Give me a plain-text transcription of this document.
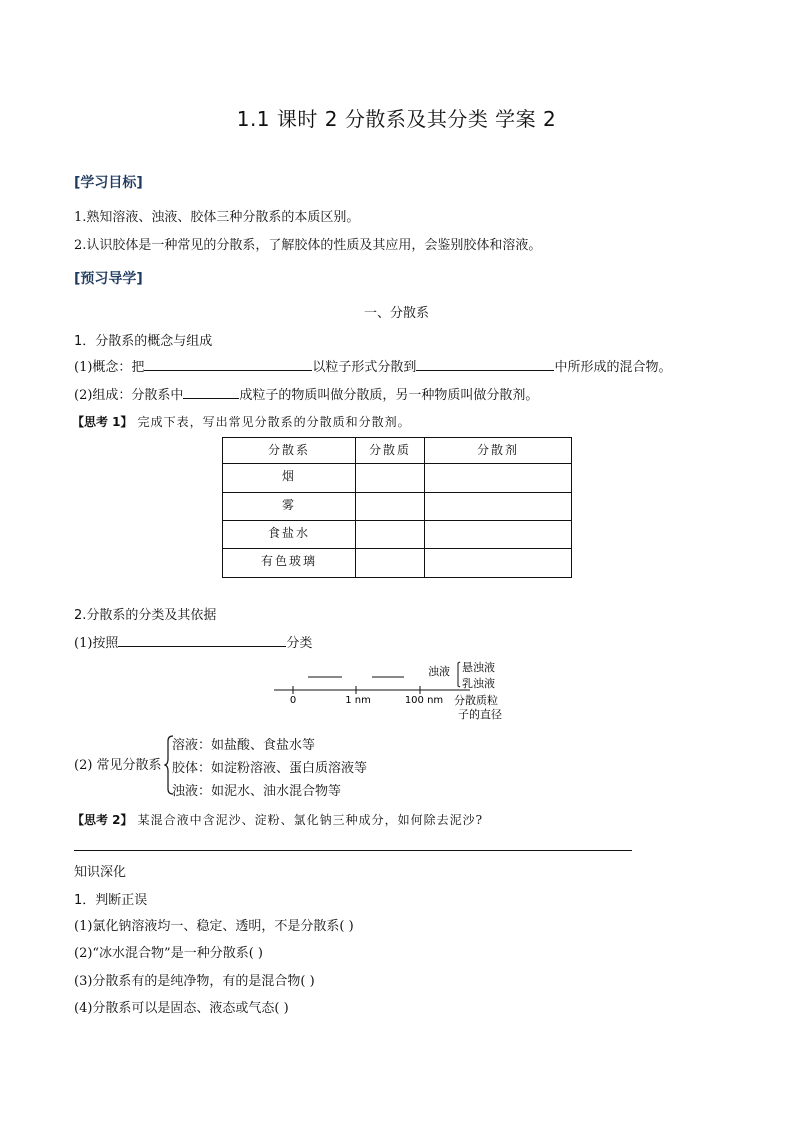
1.1 课时 2 分散系及其分类 学案 2
[学习目标]
1.熟知溶液、浊液、胶体三种分散系的本质区别。
2.认识胶体是一种常见的分散系，了解胶体的性质及其应用，会鉴别胶体和溶液。
[预习导学]
一、分散系
1．分散系的概念与组成
(1)概念：把	以粒子形式分散到	中所形成的混合物。
(2)组成：分散系中	成粒子的物质叫做分散质，另一种物质叫做分散剂。
【思考 1】 完成下表，写出常见分散系的分散质和分散剂。
分散系	分散质	分散剂
烟		
雾		
食盐水		
有色玻璃		
2.分散系的分类及其依据
(1)按照	分类
0	1 nm	100 nm
浊液 悬浊液
乳浊液
分散质粒
子的直径
(2) 常见分散系
溶液：如盐酸、食盐水等
胶体：如淀粉溶液、蛋白质溶液等
浊液：如泥水、油水混合物等
【思考 2】 某混合液中含泥沙、淀粉、氯化钠三种成分，如何除去泥沙?
知识深化
1．判断正误
(1)氯化钠溶液均一、稳定、透明，不是分散系( )
(2)“冰水混合物”是一种分散系( )
(3)分散系有的是纯净物，有的是混合物( )
(4)分散系可以是固态、液态或气态( )
